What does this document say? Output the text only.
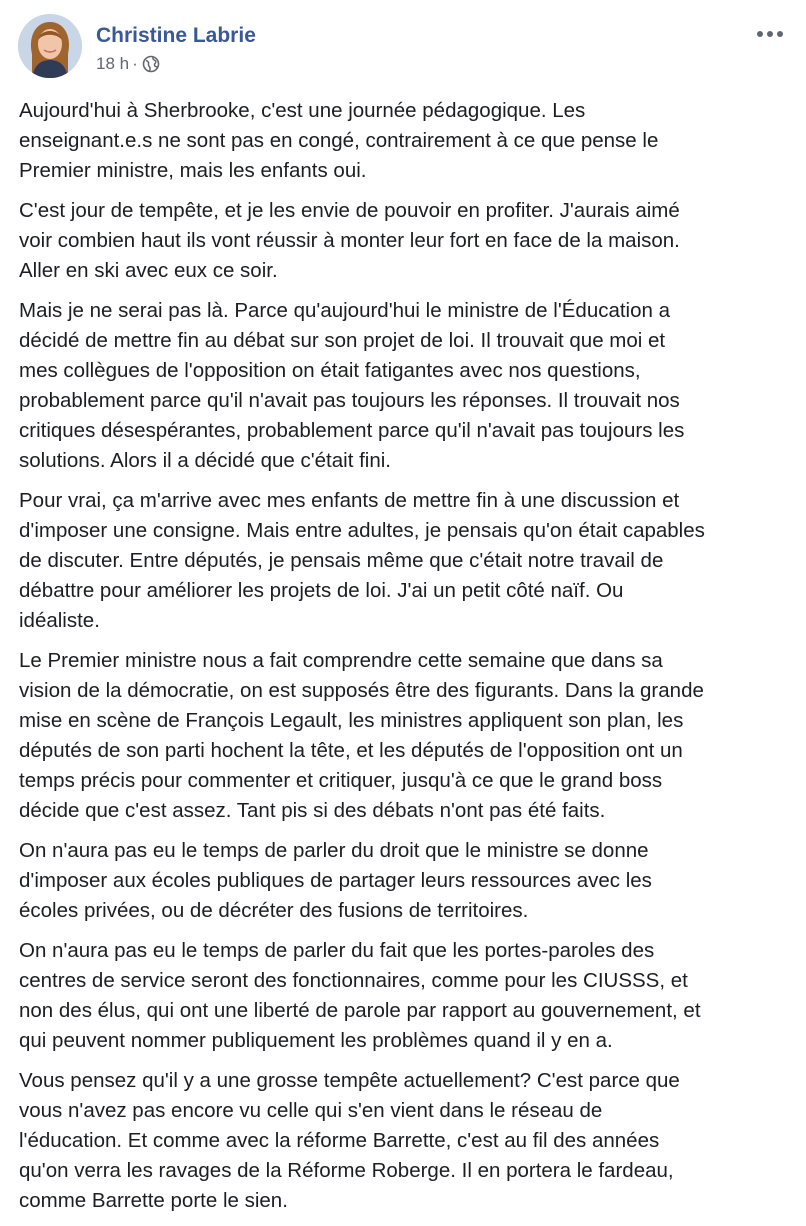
Christine Labrie
18 h ·

Aujourd'hui à Sherbrooke, c'est une journée pédagogique. Les
enseignant.e.s ne sont pas en congé, contrairement à ce que pense le
Premier ministre, mais les enfants oui.

C'est jour de tempête, et je les envie de pouvoir en profiter. J'aurais aimé
voir combien haut ils vont réussir à monter leur fort en face de la maison.
Aller en ski avec eux ce soir.

Mais je ne serai pas là. Parce qu'aujourd'hui le ministre de l'Éducation a
décidé de mettre fin au débat sur son projet de loi. Il trouvait que moi et
mes collègues de l'opposition on était fatigantes avec nos questions,
probablement parce qu'il n'avait pas toujours les réponses. Il trouvait nos
critiques désespérantes, probablement parce qu'il n'avait pas toujours les
solutions. Alors il a décidé que c'était fini.

Pour vrai, ça m'arrive avec mes enfants de mettre fin à une discussion et
d'imposer une consigne. Mais entre adultes, je pensais qu'on était capables
de discuter. Entre députés, je pensais même que c'était notre travail de
débattre pour améliorer les projets de loi. J'ai un petit côté naïf. Ou
idéaliste.

Le Premier ministre nous a fait comprendre cette semaine que dans sa
vision de la démocratie, on est supposés être des figurants. Dans la grande
mise en scène de François Legault, les ministres appliquent son plan, les
députés de son parti hochent la tête, et les députés de l'opposition ont un
temps précis pour commenter et critiquer, jusqu'à ce que le grand boss
décide que c'est assez. Tant pis si des débats n'ont pas été faits.

On n'aura pas eu le temps de parler du droit que le ministre se donne
d'imposer aux écoles publiques de partager leurs ressources avec les
écoles privées, ou de décréter des fusions de territoires.

On n'aura pas eu le temps de parler du fait que les portes-paroles des
centres de service seront des fonctionnaires, comme pour les CIUSSS, et
non des élus, qui ont une liberté de parole par rapport au gouvernement, et
qui peuvent nommer publiquement les problèmes quand il y en a.

Vous pensez qu'il y a une grosse tempête actuellement? C'est parce que
vous n'avez pas encore vu celle qui s'en vient dans le réseau de
l'éducation. Et comme avec la réforme Barrette, c'est au fil des années
qu'on verra les ravages de la Réforme Roberge. Il en portera le fardeau,
comme Barrette porte le sien.
